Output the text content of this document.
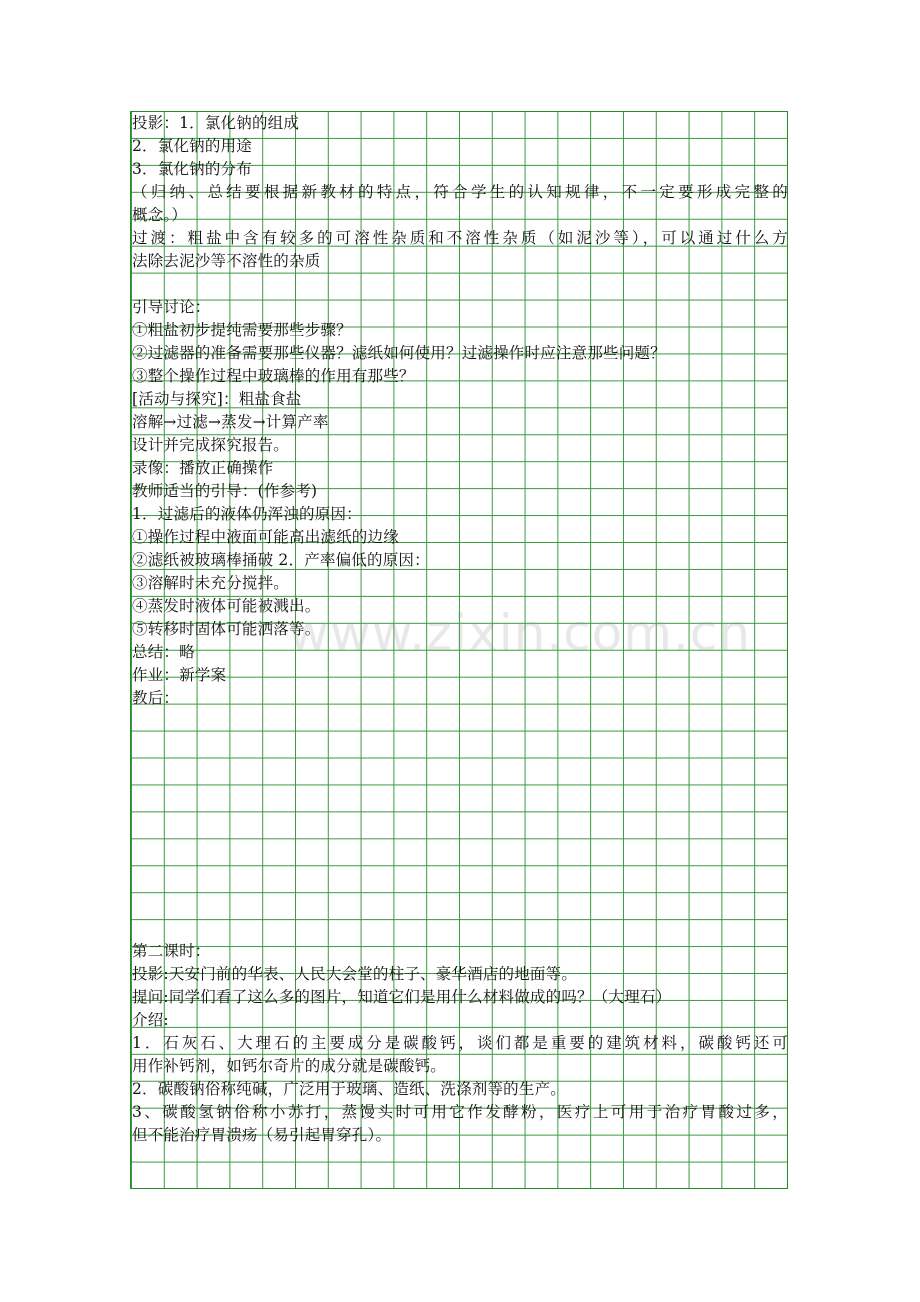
投影：1．氯化钠的组成
2．氯化钠的用途
3．氯化钠的分布
（归纳、总结要根据新教材的特点，符合学生的认知规律，不一定要形成完整的
概念。）
过渡：粗盐中含有较多的可溶性杂质和不溶性杂质（如泥沙等），可以通过什么方
法除去泥沙等不溶性的杂质
引导讨论：
①粗盐初步提纯需要那些步骤？
②过滤器的准备需要那些仪器？滤纸如何使用？过滤操作时应注意那些问题？
③整个操作过程中玻璃棒的作用有那些？
[活动与探究]：粗盐食盐
溶解→过滤→蒸发→计算产率
设计并完成探究报告。
录像：播放正确操作
教师适当的引导：(作参考)
1．过滤后的液体仍浑浊的原因：
①操作过程中液面可能高出滤纸的边缘
②滤纸被玻璃棒捅破 2．产率偏低的原因：
③溶解时未充分搅拌。
④蒸发时液体可能被溅出。
⑤转移时固体可能洒落等。
总结：略
作业：新学案
教后：
第二课时：
投影:天安门前的华表、人民大会堂的柱子、豪华酒店的地面等。
提问:同学们看了这么多的图片，知道它们是用什么材料做成的吗？（大理石）
介绍:
1．石灰石、大理石的主要成分是碳酸钙，谈们都是重要的建筑材料，碳酸钙还可
用作补钙剂，如钙尔奇片的成分就是碳酸钙。
2．碳酸钠俗称纯碱，广泛用于玻璃、造纸、洗涤剂等的生产。
3、碳酸氢钠俗称小苏打，蒸馒头时可用它作发酵粉，医疗上可用于治疗胃酸过多，
但不能治疗胃溃疡（易引起胃穿孔）。
www.zixin.com.cn
